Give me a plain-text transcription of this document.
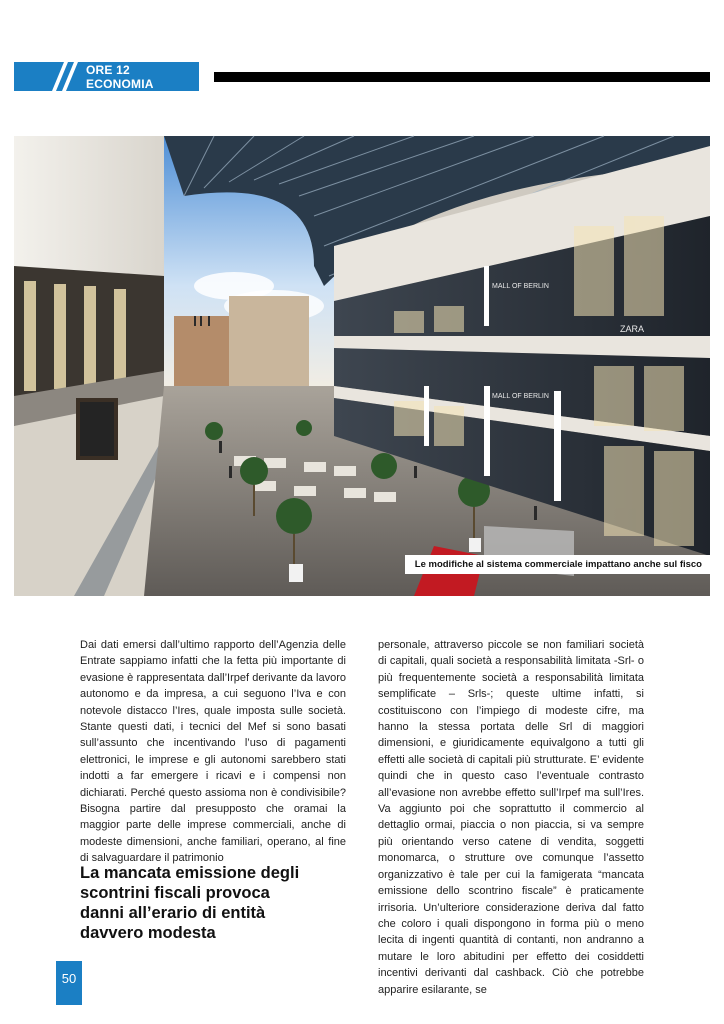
ORE 12 ECONOMIA
MALL OF BERLIN
MALL OF BERLIN
ZARA
Le modifiche al sistema commerciale impattano anche sul fisco
Dai dati emersi dall’ultimo rapporto dell’Agenzia delle Entrate sappiamo infatti che la fetta più importante di evasione è rappresentata dall’Irpef derivante da lavoro autonomo e da impresa, a cui seguono l’Iva e con notevole distacco l’Ires, quale imposta sulle società. Stante questi dati, i tecnici del Mef si sono basati sull’assunto che incentivando l’uso di pagamenti elettronici, le imprese e gli autonomi sarebbero stati indotti a far emergere i ricavi e i compensi non dichiarati. Perché questo assioma non è condivisibile? Bisogna partire dal presupposto che oramai la maggior parte delle imprese commerciali, anche di modeste dimensioni, anche familiari, operano, al fine di salvaguardare il patrimonio

La mancata emissione degli scontrini fiscali provoca danni all’erario di entità davvero modesta

personale, attraverso piccole se non familiari società di capitali, quali società a responsabilità limitata -Srl- o più frequentemente società a responsabilità limitata semplificate – Srls-; queste ultime infatti, si costituiscono con l’impiego di modeste cifre, ma hanno la stessa portata delle Srl di maggiori dimensioni, e giuridicamente equivalgono a tutti gli effetti alle società di capitali più strutturate. E’ evidente quindi che in questo caso l’eventuale contrasto all’evasione non avrebbe effetto sull’Irpef ma sull’Ires. Va aggiunto poi che soprattutto il commercio al dettaglio ormai, piaccia o non piaccia, si va sempre più orientando verso catene di vendita, soggetti monomarca, o strutture ove comunque l’assetto organizzativo è tale per cui la famigerata “mancata emissione dello scontrino fiscale” è praticamente irrisoria. Un’ulteriore considerazione deriva dal fatto che coloro i quali dispongono in forma più o meno lecita di ingenti quantità di contanti, non andranno a mutare le loro abitudini per effetto dei cosiddetti incentivi derivanti dal cashback. Ciò che potrebbe apparire esilarante, se
50
